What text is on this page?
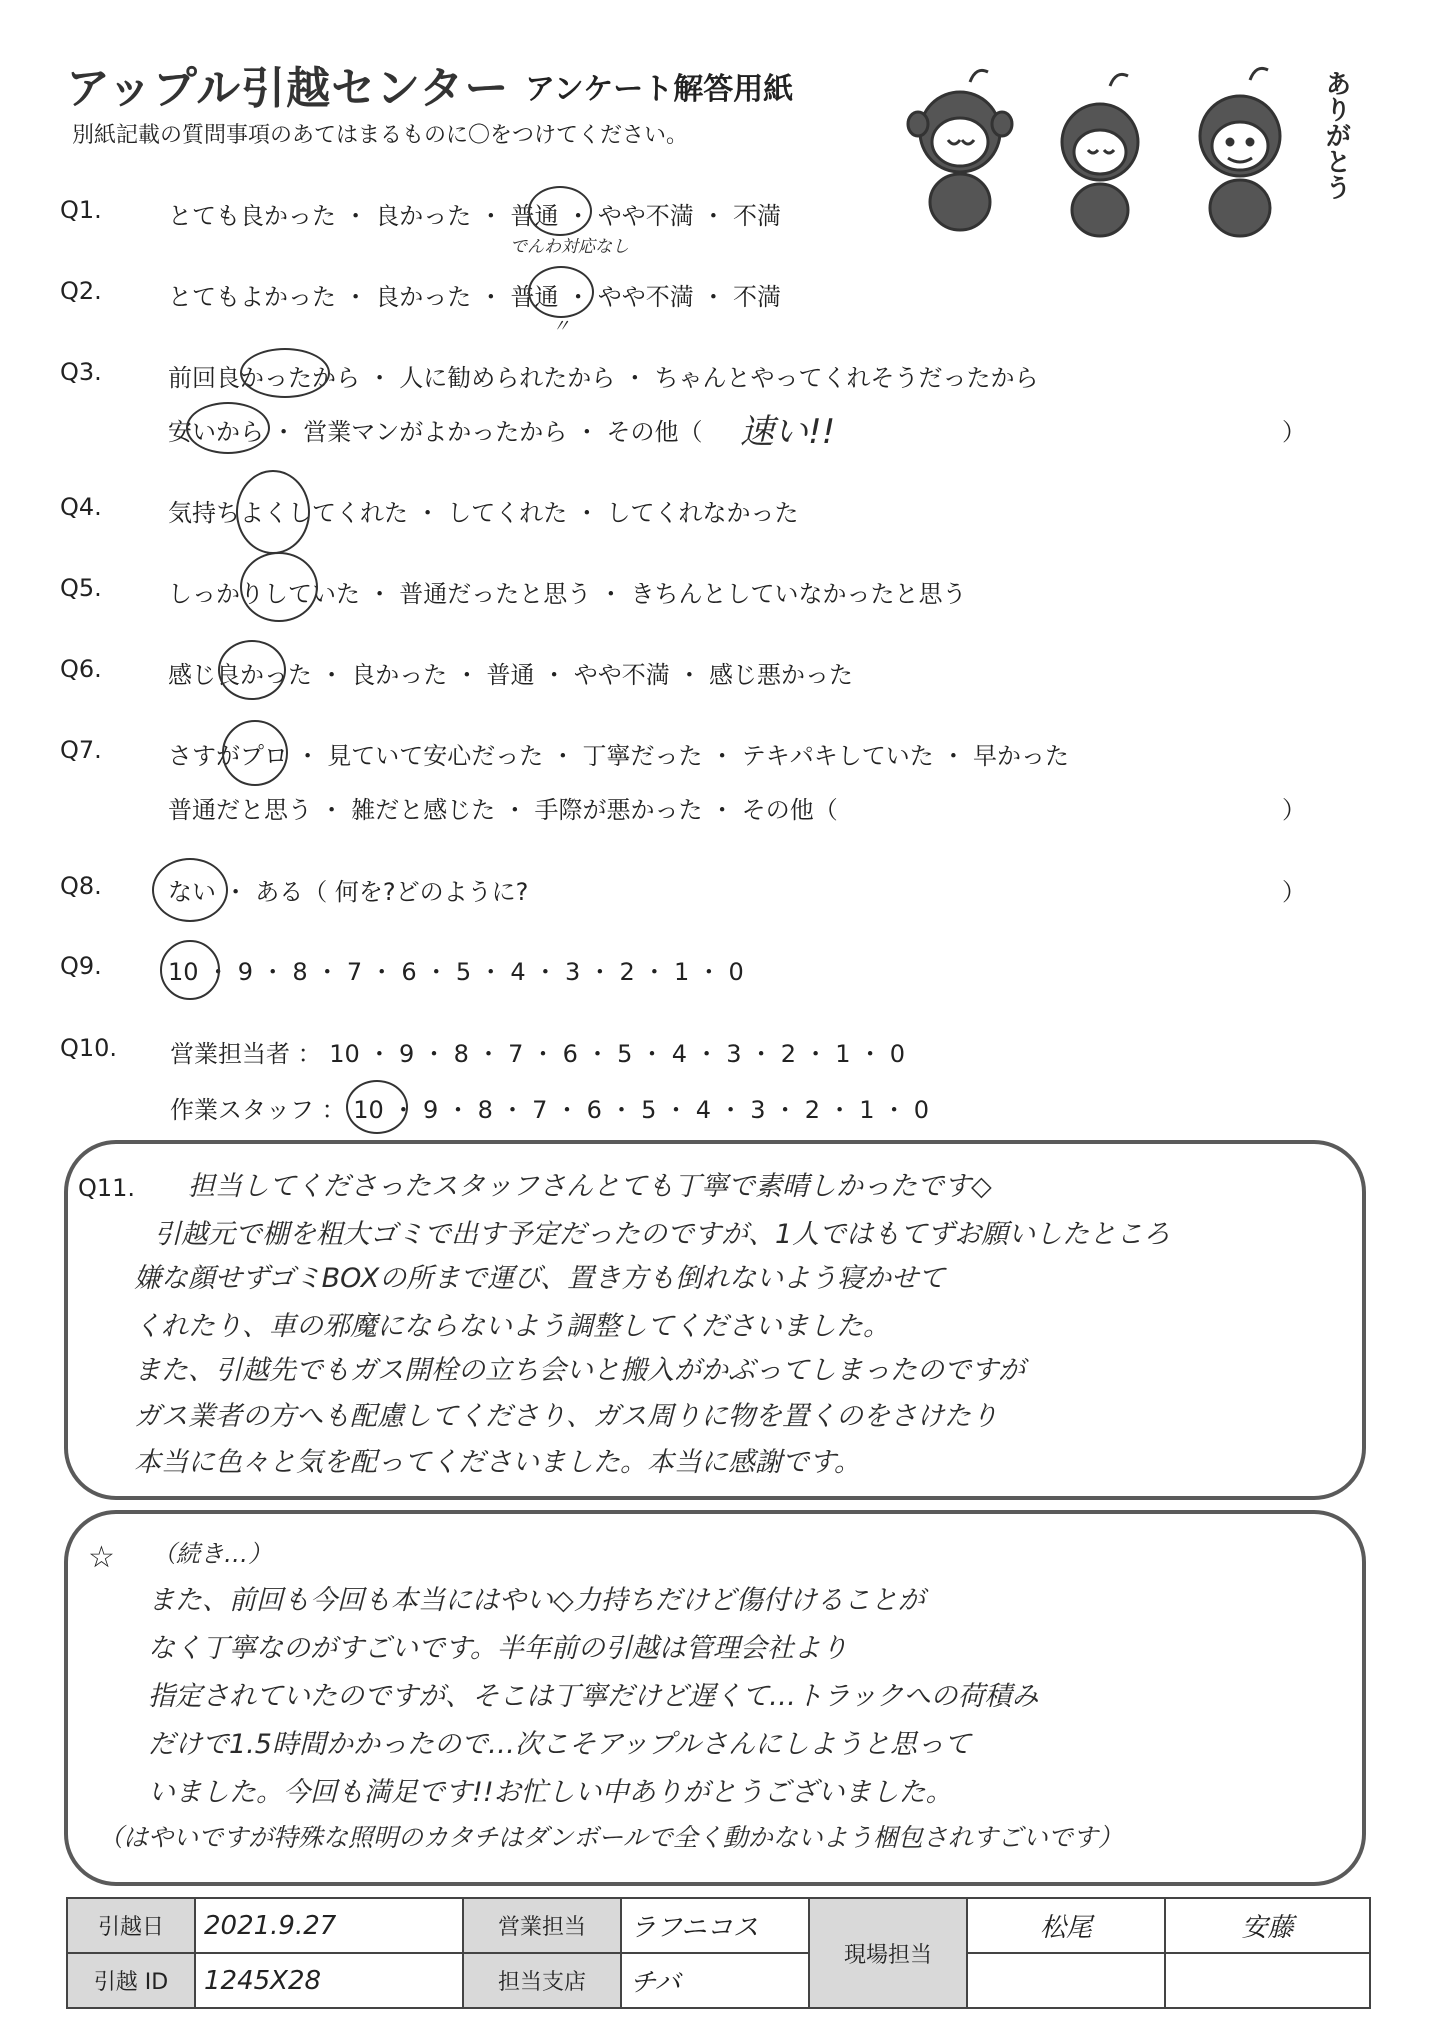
アップル引越センター アンケート解答用紙
別紙記載の質問事項のあてはまるものに〇をつけてください。	ありがとう
Q1.	とても良かった ・ 良かった ・ 普通 ・ やや不満 ・ 不満
でんわ対応なし
Q2.	とてもよかった ・ 良かった ・ 普通 ・ やや不満 ・ 不満
〃
Q3.	前回良かったから ・ 人に勧められたから ・ ちゃんとやってくれそうだったから
安いから ・ 営業マンがよかったから ・ その他（ 速い!!	）
Q4.	気持ちよくしてくれた ・ してくれた ・ してくれなかった
Q5.	しっかりしていた ・ 普通だったと思う ・ きちんとしていなかったと思う
Q6.	感じ良かった ・ 良かった ・ 普通 ・ やや不満 ・ 感じ悪かった
Q7.	さすがプロ ・ 見ていて安心だった ・ 丁寧だった ・ テキパキしていた ・ 早かった
普通だと思う ・ 雑だと感じた ・ 手際が悪かった ・ その他（	）
Q8.	ない ・ ある（ 何を?どのように?	）
Q9.	10 ・ 9 ・ 8 ・ 7 ・ 6 ・ 5 ・ 4 ・ 3 ・ 2 ・ 1 ・ 0
Q10. 営業担当者 ： 10 ・ 9 ・ 8 ・ 7 ・ 6 ・ 5 ・ 4 ・ 3 ・ 2 ・ 1 ・ 0
作業スタッフ ： 10 ・ 9 ・ 8 ・ 7 ・ 6 ・ 5 ・ 4 ・ 3 ・ 2 ・ 1 ・ 0
Q11. 担当してくださったスタッフさんとても丁寧で素晴しかったです◇
引越元で棚を粗大ゴミで出す予定だったのですが、1人ではもてずお願いしたところ
嫌な顔せずゴミBOXの所まで運び、置き方も倒れないよう寝かせて
くれたり、車の邪魔にならないよう調整してくださいました。
また、引越先でもガス開栓の立ち会いと搬入がかぶってしまったのですが
ガス業者の方へも配慮してくださり、ガス周りに物を置くのをさけたり
本当に色々と気を配ってくださいました。本当に感謝です。
☆ （続き…）
また、前回も今回も本当にはやい◇力持ちだけど傷付けることが
なく丁寧なのがすごいです。半年前の引越は管理会社より
指定されていたのですが、そこは丁寧だけど遅くて…トラックへの荷積み
だけで1.5時間かかったので…次こそアップルさんにしようと思って
いました。今回も満足です!!お忙しい中ありがとうございました。
（はやいですが特殊な照明のカタチはダンボールで全く動かないよう梱包されすごいです）
引越日	2021.9.27	営業担当	ラフニコス	現場担当	松尾	安藤
引越 ID	1245X28	担当支店	チバ			
